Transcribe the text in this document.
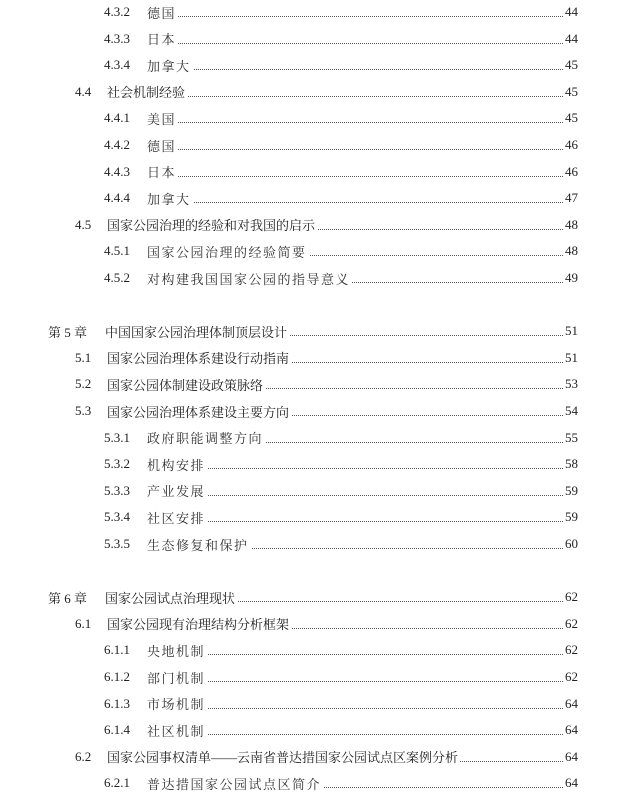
4.3.2 德国	44
4.3.3 日本	44
4.3.4 加拿大	45
4.4 社会机制经验	45
4.4.1 美国	45
4.4.2 德国	46
4.4.3 日本	46
4.4.4 加拿大	47
4.5 国家公园治理的经验和对我国的启示	48
4.5.1 国家公园治理的经验简要	48
4.5.2 对构建我国国家公园的指导意义	49
第 5 章 中国国家公园治理体制顶层设计	51
5.1 国家公园治理体系建设行动指南	51
5.2 国家公园体制建设政策脉络	53
5.3 国家公园治理体系建设主要方向	54
5.3.1 政府职能调整方向	55
5.3.2 机构安排	58
5.3.3 产业发展	59
5.3.4 社区安排	59
5.3.5 生态修复和保护	60
第 6 章 国家公园试点治理现状	62
6.1 国家公园现有治理结构分析框架	62
6.1.1 央地机制	62
6.1.2 部门机制	62
6.1.3 市场机制	64
6.1.4 社区机制	64
6.2 国家公园事权清单——云南省普达措国家公园试点区案例分析	64
6.2.1 普达措国家公园试点区简介	64
